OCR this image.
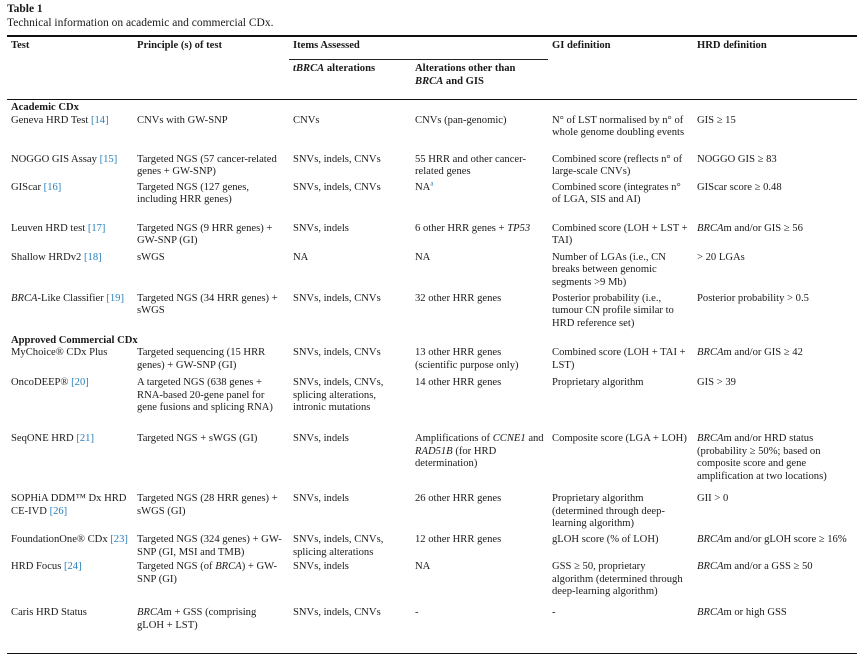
Table 1
Technical information on academic and commercial CDx.
Test	Principle (s) of test	Items Assessed		GI definition	HRD definition
		tBRCA alterations	Alterations other than
BRCA and GIS		
Academic CDx					
Geneva HRD Test [14]	CNVs with GW-SNP	CNVs	CNVs (pan-genomic)	N° of LST normalised by n° of whole genome doubling events	GIS ≥ 15
NOGGO GIS Assay [15]	Targeted NGS (57 cancer-related genes + GW-SNP)	SNVs, indels, CNVs	55 HRR and other cancer-related genes	Combined score (reflects n° of large-scale CNVs)	NOGGO GIS ≥ 83
GIScar [16]	Targeted NGS (127 genes, including HRR genes)	SNVs, indels, CNVs	$NA^a$	Combined score (integrates n° of LGA, SIS and AI)	GIScar score ≥ 0.48
Leuven HRD test [17]	Targeted NGS (9 HRR genes) + GW-SNP (GI)	SNVs, indels	6 other HRR genes + TP53	Combined score (LOH + LST + TAI)	BRCAm and/or GIS ≥ 56
Shallow HRDv2 [18]	sWGS	NA	NA	Number of LGAs (i.e., CN breaks between genomic segments >9 Mb)	> 20 LGAs
BRCA-Like Classifier [19]	Targeted NGS (34 HRR genes) + sWGS	SNVs, indels, CNVs	32 other HRR genes	Posterior probability (i.e., tumour CN profile similar to HRD reference set)	Posterior probability > 0.5
Approved Commercial CDx					
MyChoice® CDx Plus	Targeted sequencing (15 HRR genes) + GW-SNP (GI)	SNVs, indels, CNVs	13 other HRR genes (scientific purpose only)	Combined score (LOH + TAI + LST)	BRCAm and/or GIS ≥ 42
OncoDEEP® [20]	A targeted NGS (638 genes + RNA-based 20-gene panel for gene fusions and splicing RNA)	SNVs, indels, CNVs, splicing alterations, intronic mutations	14 other HRR genes	Proprietary algorithm	GIS > 39
SeqONE HRD [21]	Targeted NGS + sWGS (GI)	SNVs, indels	Amplifications of CCNE1 and RAD51B (for HRD determination)	Composite score (LGA + LOH)	BRCAm and/or HRD status (probability ≥ 50%; based on composite score and gene amplification at two locations)
SOPHiA DDM™ Dx HRD CE-IVD [26]	Targeted NGS (28 HRR genes) + sWGS (GI)	SNVs, indels	26 other HRR genes	Proprietary algorithm (determined through deep-learning algorithm)	GII > 0
FoundationOne® CDx [23]	Targeted NGS (324 genes) + GW-SNP (GI, MSI and TMB)	SNVs, indels, CNVs, splicing alterations	12 other HRR genes	gLOH score (% of LOH)	BRCAm and/or gLOH score ≥ 16%
HRD Focus [24]	Targeted NGS (of BRCA) + GW-SNP (GI)	SNVs, indels	NA	GSS ≥ 50, proprietary algorithm (determined through deep-learning algorithm)	BRCAm and/or a GSS ≥ 50
Caris HRD Status	BRCAm + GSS (comprising gLOH + LST)	SNVs, indels, CNVs	-	-	BRCAm or high GSS
